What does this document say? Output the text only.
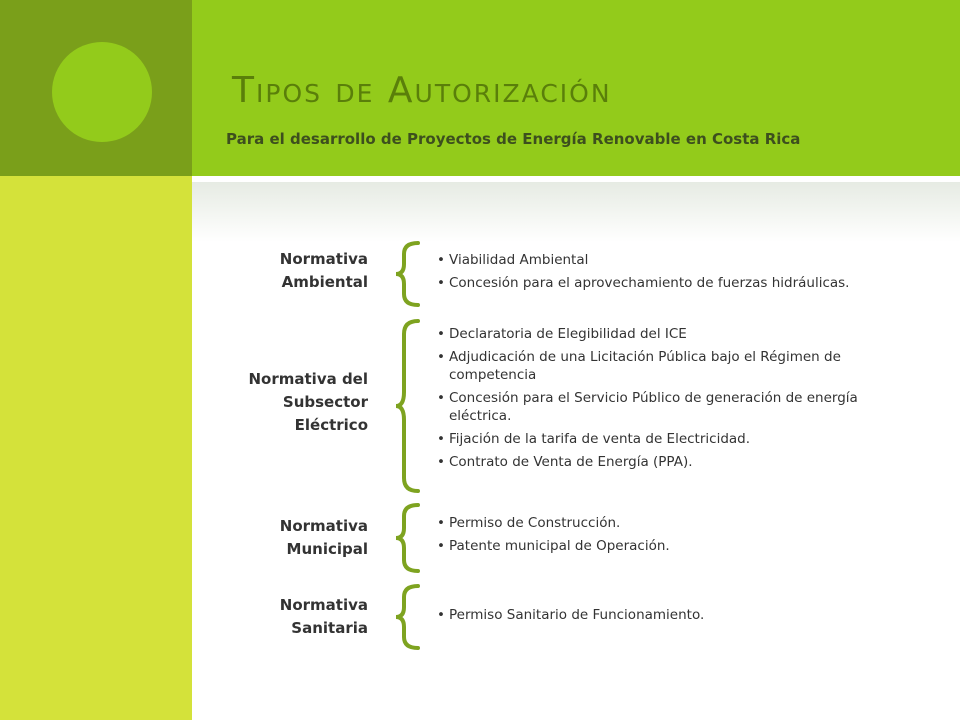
Tipos de Autorización

Para el desarrollo de Proyectos de Energía Renovable en Costa Rica

Normativa
Ambiental
• Viabilidad Ambiental
• Concesión para el aprovechamiento de fuerzas hidráulicas.
Normativa del
Subsector
Eléctrico
• Declaratoria de Elegibilidad del ICE
• Adjudicación de una Licitación Pública bajo el Régimen de competencia
• Concesión para el Servicio Público de generación de energía eléctrica.
• Fijación de la tarifa de venta de Electricidad.
• Contrato de Venta de Energía (PPA).
Normativa
Municipal
• Permiso de Construcción.
• Patente municipal de Operación.
Normativa
Sanitaria
• Permiso Sanitario de Funcionamiento.
